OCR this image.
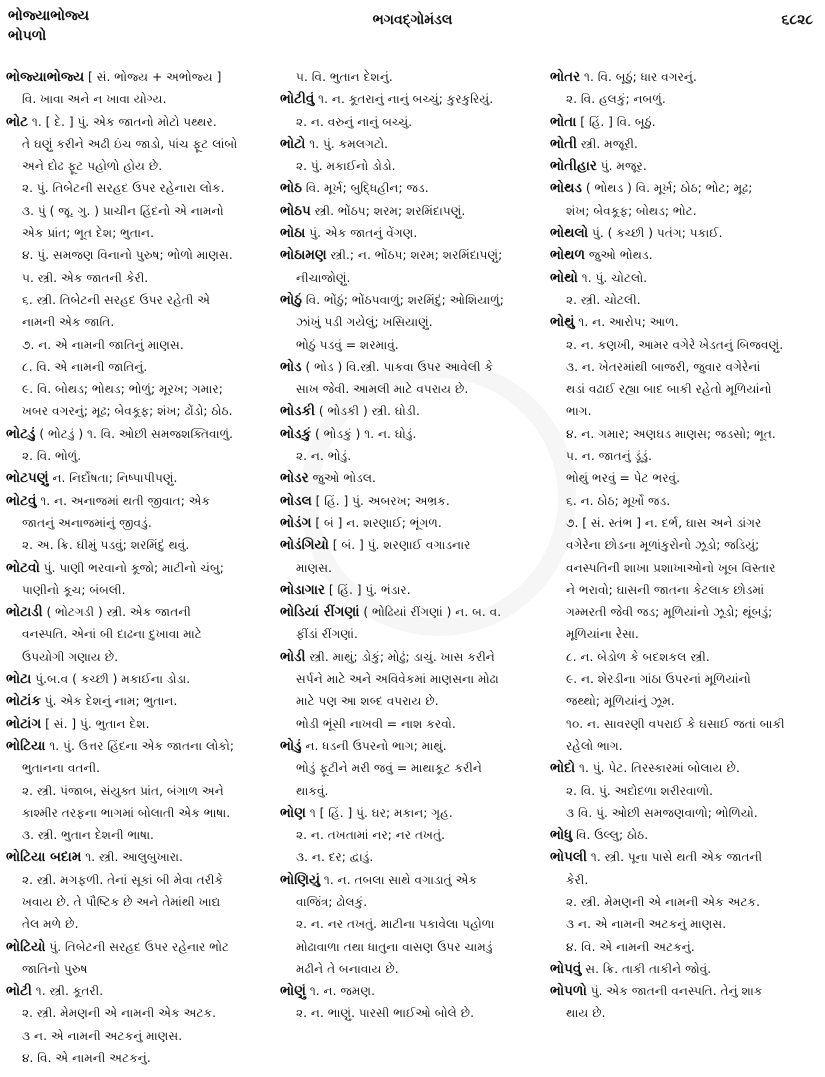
ભોજ્યાભોજ્ય
ભોપળો
ભગવદ્ગોમંડલ	૬૮૨૮
ભોજ્યાભોજ્ય [ સં. ભોજ્ય + અભોજ્ય ]
વિ. ખાવા અને ન ખાવા યોગ્ય.
ભોટ ૧. [ દે. ] પું. એક જાતનો મોટો પથ્થર.
તે ઘણું કરીને અઢી ઇંચ જાડો, પાંચ ફૂટ લાંબો
અને દોઢ ફૂટ પહોળો હોય છે.
૨. પું. તિબેટની સરહદ ઉપર રહેનારા લોક.
૩. પું ( જૂ. ગુ. ) પ્રાચીન હિંદનો એ નામનો
એક પ્રાંત; ભૂત દેશ; ભુતાન.
૪. પું. સમજણ વિનાનો પુરુષ; ભોળો માણસ.
૫. સ્ત્રી. એક જાતની કેરી.
૬. સ્ત્રી. તિબેટની સરહદ ઉપર રહેતી એ
નામની એક જાતિ.
૭. ન. એ નામની જાતિનું માણસ.
૮. વિ. એ નામની જાતિનું.
૯. વિ. બોથડ; ભોથડ; ભોળું; મૂરખ; ગમાર;
ખબર વગરનું; મૂઢ; બેવકૂફ; શંખ; ઢોંડો; ઠોઠ.
ભોટડું ( ભોટડું ) ૧. વિ. ઓછી સમજશક્તિવાળું.
૨. વિ. ભોળું.
ભોટપણું ન. નિર્દોષતા; નિષ્પાપીપણું.
ભોટવું ૧. ન. અનાજમાં થતી જીવાત; એક
જાતનું અનાજમાંનું જીવડું.
૨. અ. ક્રિ. ઘીમું પડવું; શરમિંદું થવું.
ભોટવો પું. પાણી ભરવાનો કૂજો; માટીનો ચંબુ;
પાણીનો કૂચ; બંબલી.
ભોટાડી ( ભોટગડી ) સ્ત્રી. એક જાતની
વનસ્પતિ. એનાં બી દાઢના દુખાવા માટે
ઉપયોગી ગણાય છે.
ભોટા પું.બ.વ ( કચ્છી ) મકાઈના ડોડા.
ભોટાંક પું. એક દેશનું નામ; ભુતાન.
ભોટાંગ [ સં. ] પું. ભુતાન દેશ.
ભોટિયા ૧. પું. ઉત્તર હિંદના એક જાતના લોકો;
ભુતાનના વતની.
૨. સ્ત્રી. પંજાબ, સંયુક્ત પ્રાંત, બંગાળ અને
કાશ્મીર તરફના ભાગમાં બોલાતી એક ભાષા.
૩. સ્ત્રી. ભુતાન દેશની ભાષા.
ભોટિયા બદામ ૧. સ્ત્રી. આલુબુખારા.
૨. સ્ત્રી. મગફળી. તેનાં સૂકાં બી મેવા તરીકે
ખવાય છે. તે પૌષ્ટિક છે અને તેમાંથી ખાદ્ય
તેલ મળે છે.
ભોટિયો પું. તિબેટની સરહદ ઉપર રહેનાર ભોટ
જાતિનો પુરુષ
ભોટી ૧. સ્ત્રી. કૂતરી.
૨. સ્ત્રી. મેમણની એ નામની એક અટક.
૩ ન. એ નામની અટકનું માણસ.
૪. વિ. એ નામની અટકનું.
૫. વિ. ભુતાન દેશનું.
ભોટીવું ૧. ન. કૂતરાનું નાનું બચ્ચું; કુરકુરિયું.
૨. ન. વરુનું નાનું બચ્ચું.
ભોટો ૧. પું. કમલગટો.
૨. પું. મકાઈનો ડોડો.
ભોઠ વિ. મૂર્ખ; બુદ્ધિહીન; જડ.
ભોઠપ સ્ત્રી. ભોંઠપ; શરમ; શરમિંદાપણું.
ભોઠા પું. એક જાતનું વેંગણ.
ભોઠામણ સ્ત્રી.; ન. ભોંઠપ; શરમ; શરમિંદાપણું;
નીચાજોણું.
ભોઠું વિ. ભોંઠું; ભોંઠપવાળું; શરમિંદું; ઓશિયાળું;
ઝાંખું પડી ગયેલું; ખસિયાણું.
ભોઠું પડવું = શરમાવું.
ભોડ ( ભોડ ) વિ.સ્ત્રી. પાકવા ઉપર આવેલી કે
સાખ જેવી. આમલી માટે વપરાય છે.
ભોડકી ( ભોડકી ) સ્ત્રી. ઘોડી.
ભોડકું ( ભોડકું ) ૧. ન. ઘોડું.
૨. ન. ભોડું.
ભોડર જુઓ ભોડલ.
ભોડલ [ હિં. ] પું. અબરખ; અભ્રક.
ભોડંગ [ બં ] ન. શરણાઈ; ભૂંગળ.
ભોડંગિયો [ બં. ] પું. શરણાઈ વગાડનાર
માણસ.
ભોડાગાર [ હિં. ] પું. ભંડાર.
ભોડિયાં રીંગણાં ( ભોઢિયાં રીંગણાં ) ન. બ. વ.
ફીંડાં રીંગણાં.
ભોડી સ્ત્રી. માથું; ડોકું; મોઢું; ડાચું. ખાસ કરીને
સર્પને માટે અને અવિવેકમાં માણસના મોઢા
માટે પણ આ શબ્દ વપરાય છે.
ભોડી ભૂંસી નાખવી = નાશ કરવો.
ભોડું ન. ધડની ઉપરનો ભાગ; માથું.
ભોડું ફૂટીને મરી જવું = માથાકૂટ કરીને
થાકવું.
ભોણ ૧ [ હિં. ] પું. ઘર; મકાન; ગૃહ.
૨. ન. તખતામાં નર; નર તખતું.
૩. ન. દર; દ્વાડું.
ભોણિયું ૧. ન. તબલા સાથે વગાડાતું એક
વાજિંત્ર; ઢોલકું.
૨. ન. નર તખતું. માટીના પકાવેલા પહોળા
મોઢાવાળા તથા ધાતુના વાસણ ઉપર ચામડું
મઢીને તે બનાવાય છે.
ભોણું ૧. ન. જમણ.
૨. ન. ભાણું. પારસી ભાઈઓ બોલે છે.
ભોતર ૧. વિ. બૂઠું; ધાર વગરનું.
૨. વિ. હલકું; નબળું.
ભોતા [ હિં. ] વિ. બૂઠું.
ભોતી સ્ત્રી. મજૂરી.
ભોતીહાર પું. મજૂર.
ભોથડ ( ભોથડ ) વિ. મૂર્ખ; ઠોઠ; ભોટ; મૂઢ;
શંખ; બેવકૂફ; બોથડ; ભોટ.
ભોથલો પું. ( કચ્છી ) પતંગ; પકાઈ.
ભોથળ જુઓ ભોથડ.
ભોથો ૧. પું. ચોટલો.
૨. સ્ત્રી. ચોટલી.
ભોથું ૧. ન. આરોપ; આળ.
૨. ન. કણખી, આમર વગેરે ખેડતનું બિજવણું.
૩. ન. ખેતરમાંથી બાજરી, જુવાર વગેરેનાં
થડાં વઢાઈ રહ્યા બાદ બાકી રહેતો મૂળિયાંનો
ભાગ.
૪. ન. ગમાર; અણઘડ માણસ; જડસો; ભૂત.
૫. ન. જાતનું ડૂંડું.
ભોથું ભરવું = પેટ ભરવું.
૬. ન. ઠોઠ; મૂર્ખો જડ.
૭. [ સં. સ્તંભ ] ન. દર્ભ, ઘાસ અને ડાંગર
વગેરેના છોડના મૂળાંકુરોનો ઝૂડો; જડિયું;
વનસ્પતિની શાખા પ્રશાખાઓનો ખૂબ વિસ્તાર
ને ભરાવો; ઘાસની જાતના કેટલાક છોડમાં
ગમ્મરતી જેવી જડ; મૂળિયાંનો ઝૂડો; થૂંબડું;
મૂળિયાંના રેસા.
૮. ન. બેડોળ કે બદશકલ સ્ત્રી.
૯. ન. શેરડીના ગાંઠા ઉપરનાં મૂળિયાંનો
જથ્થો; મૂળિયાંનું ઝૂમ.
૧૦. ન. સાવરણી વપરાઈ કે ઘસાઈ જતાં બાકી
રહેલો ભાગ.
ભોદો ૧. પું. પેટ. તિરસ્કારમાં બોલાય છે.
૨. વિ. પું. અદોદળા શરીરવાળો.
૩ વિ. પું. ઓછી સમજણવાળો; ભોળિયો.
ભોધુ વિ. ઉલ્લુ; ઠોઠ.
ભોપલી ૧. સ્ત્રી. પૂના પાસે થતી એક જાતની
કેરી.
૨. સ્ત્રી. મેમણની એ નામની એક અટક.
૩ ન. એ નામની અટકનું માણસ.
૪. વિ. એ નામની અટકનું.
ભોપવું સ. ક્રિ. તાકી તાકીને જોવું.
ભોપળો પું. એક જાતની વનસ્પતિ. તેનું શાક
થાય છે.
